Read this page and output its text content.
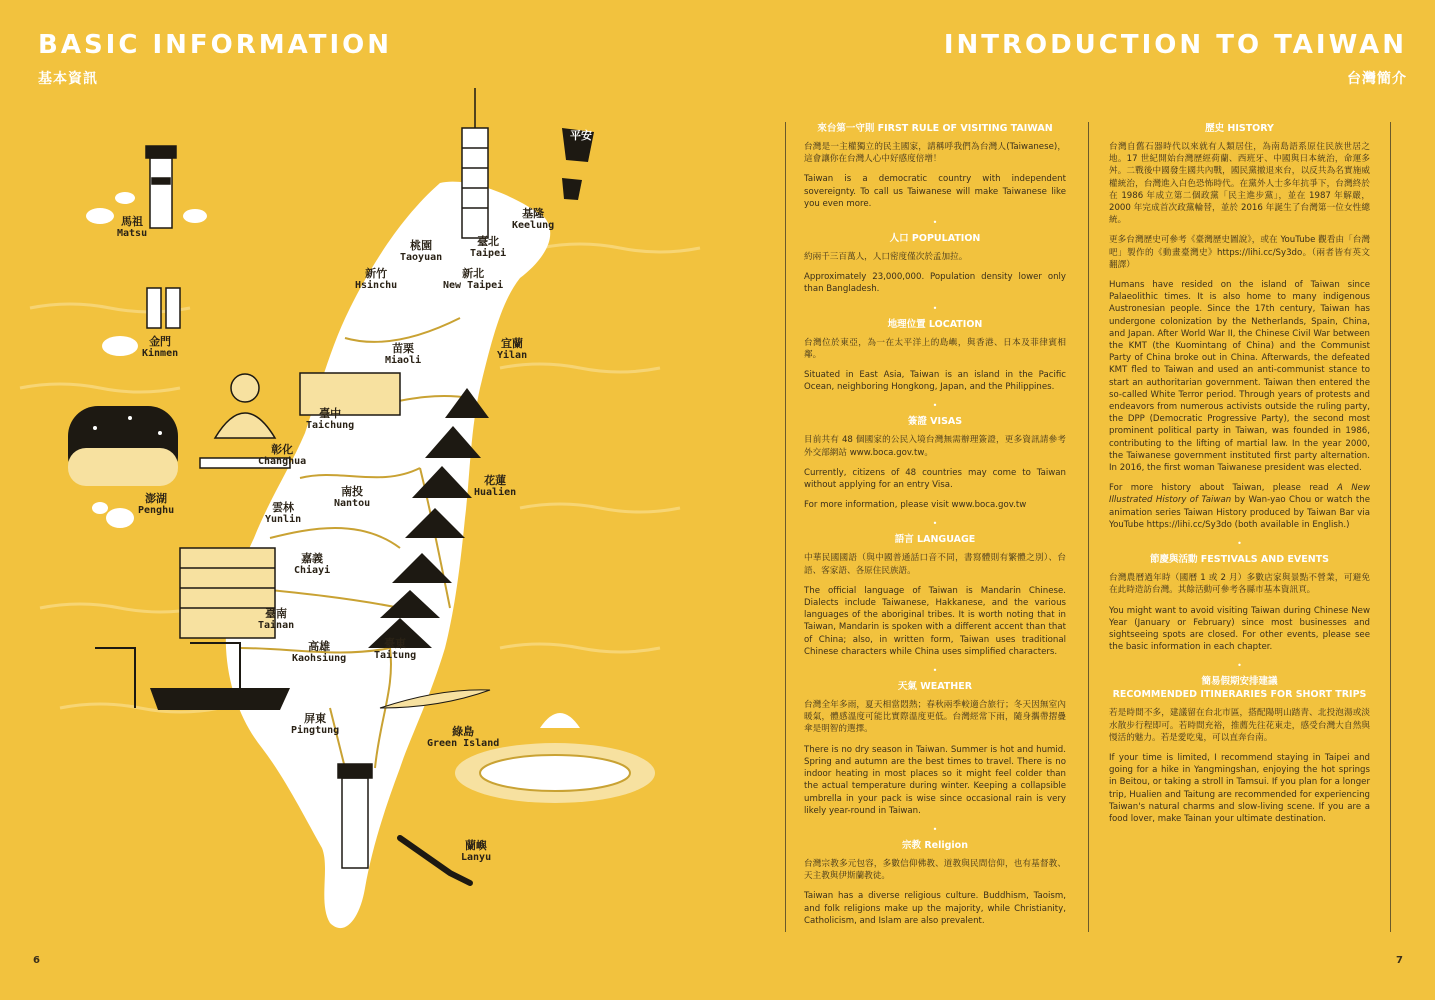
BASIC INFORMATION
基本資訊
INTRODUCTION TO TAIWAN
台灣簡介
馬祖
Matsu
金門
Kinmen
澎湖
Penghu
基隆
Keelung
桃園
Taoyuan
臺北
Taipei
新竹
Hsinchu
新北
New Taipei
苗栗
Miaoli
宜蘭
Yilan
臺中
Taichung
彰化
Changhua
南投
Nantou
花蓮
Hualien
雲林
Yunlin
嘉義
Chiayi
臺南
Tainan
高雄
Kaohsiung
臺東
Taitung
屏東
Pingtung	綠島
Green Island
蘭嶼
Lanyu
平安
來台第一守則 FIRST RULE OF VISITING TAIWAN
台灣是一主權獨立的民主國家，請稱呼我們為台灣人(Taiwanese)，這會讓你在台灣人心中好感度倍增！
Taiwan is a democratic country with independent sovereignty. To call us Taiwanese will make Taiwanese like you even more.
•
人口 POPULATION
約兩千三百萬人，人口密度僅次於孟加拉。
Approximately 23,000,000. Population density lower only than Bangladesh.
•
地理位置 LOCATION
台灣位於東亞，為一在太平洋上的島嶼，與香港、日本及菲律賓相鄰。
Situated in East Asia, Taiwan is an island in the Pacific Ocean, neighboring Hongkong, Japan, and the Philippines.
•
簽證 VISAS
目前共有 48 個國家的公民入境台灣無需辦理簽證，更多資訊請參考外交部網站 www.boca.gov.tw。
Currently, citizens of 48 countries may come to Taiwan without applying for an entry Visa.
For more information, please visit www.boca.gov.tw
•
語言 LANGUAGE
中華民國國語（與中國普通話口音不同，書寫體則有繁體之別）、台語、客家語、各原住民族語。
The official language of Taiwan is Mandarin Chinese. Dialects include Taiwanese, Hakkanese, and the various languages of the aboriginal tribes. It is worth noting that in Taiwan, Mandarin is spoken with a different accent than that of China; also, in written form, Taiwan uses traditional Chinese characters while China uses simplified characters.
•
天氣 WEATHER
台灣全年多雨，夏天相當悶熱；春秋兩季較適合旅行；冬天因無室內暖氣，體感溫度可能比實際溫度更低。台灣經常下雨，隨身攜帶摺疊傘是明智的選擇。
There is no dry season in Taiwan. Summer is hot and humid. Spring and autumn are the best times to travel. There is no indoor heating in most places so it might feel colder than the actual temperature during winter. Keeping a collapsible umbrella in your pack is wise since occasional rain is very likely year-round in Taiwan.
•
宗教 Religion
台灣宗教多元包容，多數信仰佛教、道教與民間信仰，也有基督教、天主教與伊斯蘭教徒。
Taiwan has a diverse religious culture. Buddhism, Taoism, and folk religions make up the majority, while Christianity, Catholicism, and Islam are also prevalent.
歷史 HISTORY
台灣自舊石器時代以來就有人類居住，為南島語系原住民族世居之地。17 世紀開始台灣歷經荷蘭、西班牙、中國與日本統治，命運多舛。二戰後中國發生國共內戰，國民黨撤退來台，以反共為名實施威權統治，台灣進入白色恐怖時代。在黨外人士多年抗爭下，台灣終於在 1986 年成立第二個政黨「民主進步黨」，並在 1987 年解嚴，2000 年完成首次政黨輪替，並於 2016 年誕生了台灣第一位女性總統。
更多台灣歷史可參考《臺灣歷史圖說》，或在 YouTube 觀看由「台灣吧」製作的《動畫臺灣史》https://lihi.cc/Sy3do。（兩者皆有英文翻譯）
Humans have resided on the island of Taiwan since Palaeolithic times. It is also home to many indigenous Austronesian people. Since the 17th century, Taiwan has undergone colonization by the Netherlands, Spain, China, and Japan. After World War II, the Chinese Civil War between the KMT (the Kuomintang of China) and the Communist Party of China broke out in China. Afterwards, the defeated KMT fled to Taiwan and used an anti-communist stance to start an authoritarian government. Taiwan then entered the so-called White Terror period. Through years of protests and endeavors from numerous activists outside the ruling party, the DPP (Democratic Progressive Party), the second most prominent political party in Taiwan, was founded in 1986, contributing to the lifting of martial law. In the year 2000, the Taiwanese government instituted first party alternation. In 2016, the first woman Taiwanese president was elected.
For more history about Taiwan, please read A New Illustrated History of Taiwan by Wan-yao Chou or watch the animation series Taiwan History produced by Taiwan Bar via YouTube https://lihi.cc/Sy3do (both available in English.)
•
節慶與活動 FESTIVALS AND EVENTS
台灣農曆過年時（國曆 1 或 2 月）多數店家與景點不營業，可避免在此時造訪台灣。其餘活動可參考各縣市基本資訊頁。
You might want to avoid visiting Taiwan during Chinese New Year (January or February) since most businesses and sightseeing spots are closed. For other events, please see the basic information in each chapter.
•
簡易假期安排建議
RECOMMENDED ITINERARIES FOR SHORT TRIPS
若是時間不多，建議留在台北市區，搭配陽明山踏青、北投泡湯或淡水散步行程即可。若時間充裕，推薦先往花東走，感受台灣大自然與慢活的魅力。若是愛吃鬼，可以直奔台南。
If your time is limited, I recommend staying in Taipei and going for a hike in Yangmingshan, enjoying the hot springs in Beitou, or taking a stroll in Tamsui. If you plan for a longer trip, Hualien and Taitung are recommended for experiencing Taiwan's natural charms and slow-living scene. If you are a food lover, make Tainan your ultimate destination.
6	7
